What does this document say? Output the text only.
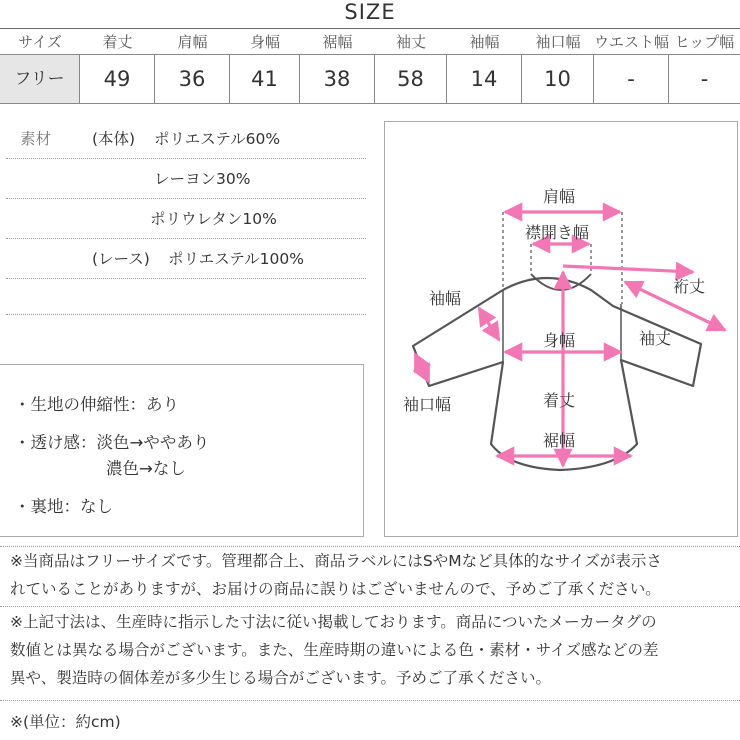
SIZE
サイズ	着丈	肩幅	身幅	裾幅	袖丈	袖幅	袖口幅 ウエスト幅 ヒップ幅
フリー	49	36	41	38	58	14	10	-	-
素材	(本体) ポリエステル60%
レーヨン30%
ポリウレタン10%
(レース) ポリエステル100%
・生地の伸縮性：あり
・透け感：淡色→ややあり
濃色→なし
・裏地：なし
肩幅
襟開き幅
裄丈
袖幅
袖丈
身幅
袖口幅	着丈
裾幅
※当商品はフリーサイズです。管理都合上、商品ラベルにはSやMなど具体的なサイズが表示さ
れていることがありますが、お届けの商品に誤りはございませんので、予めご了承ください。
※上記寸法は、生産時に指示した寸法に従い掲載しております。商品についたメーカータグの
数値とは異なる場合がございます。また、生産時期の違いによる色・素材・サイズ感などの差
異や、製造時の個体差が多少生じる場合がございます。予めご了承ください。
※(単位：約cm)
